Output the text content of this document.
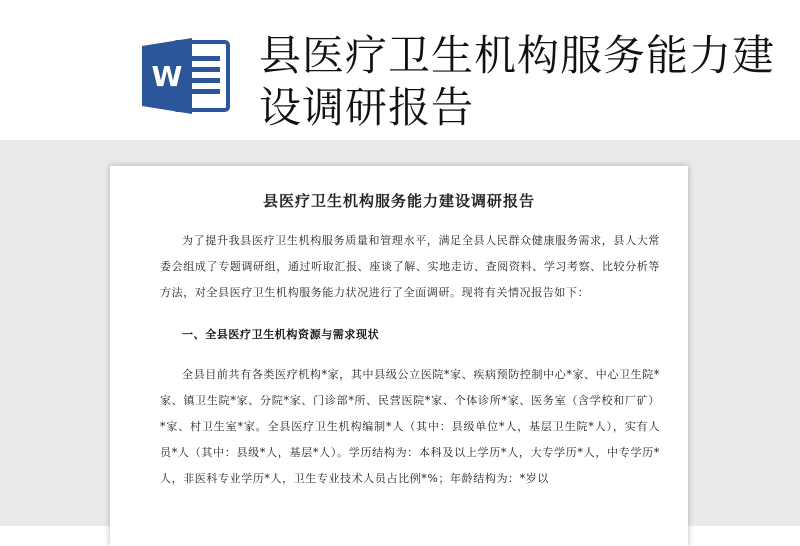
W 县医疗卫生机构服务能力建设调研报告
县医疗卫生机构服务能力建设调研报告
为了提升我县医疗卫生机构服务质量和管理水平，满足全县人民群众健康服务需求，县人大常委会组成了专题调研组，通过听取汇报、座谈了解、实地走访、查阅资料、学习考察、比较分析等方法，对全县医疗卫生机构服务能力状况进行了全面调研。现将有关情况报告如下：
一、全县医疗卫生机构资源与需求现状
全县目前共有各类医疗机构*家，其中县级公立医院*家、疾病预防控制中心*家、中心卫生院*家、镇卫生院*家、分院*家、门诊部*所、民营医院*家、个体诊所*家、医务室（含学校和厂矿）*家、村卫生室*家。全县医疗卫生机构编制*人（其中：县级单位*人，基层卫生院*人），实有人员*人（其中：县级*人，基层*人）。学历结构为：本科及以上学历*人，大专学历*人，中专学历*人，非医科专业学历*人，卫生专业技术人员占比例*%；年龄结构为：*岁以
